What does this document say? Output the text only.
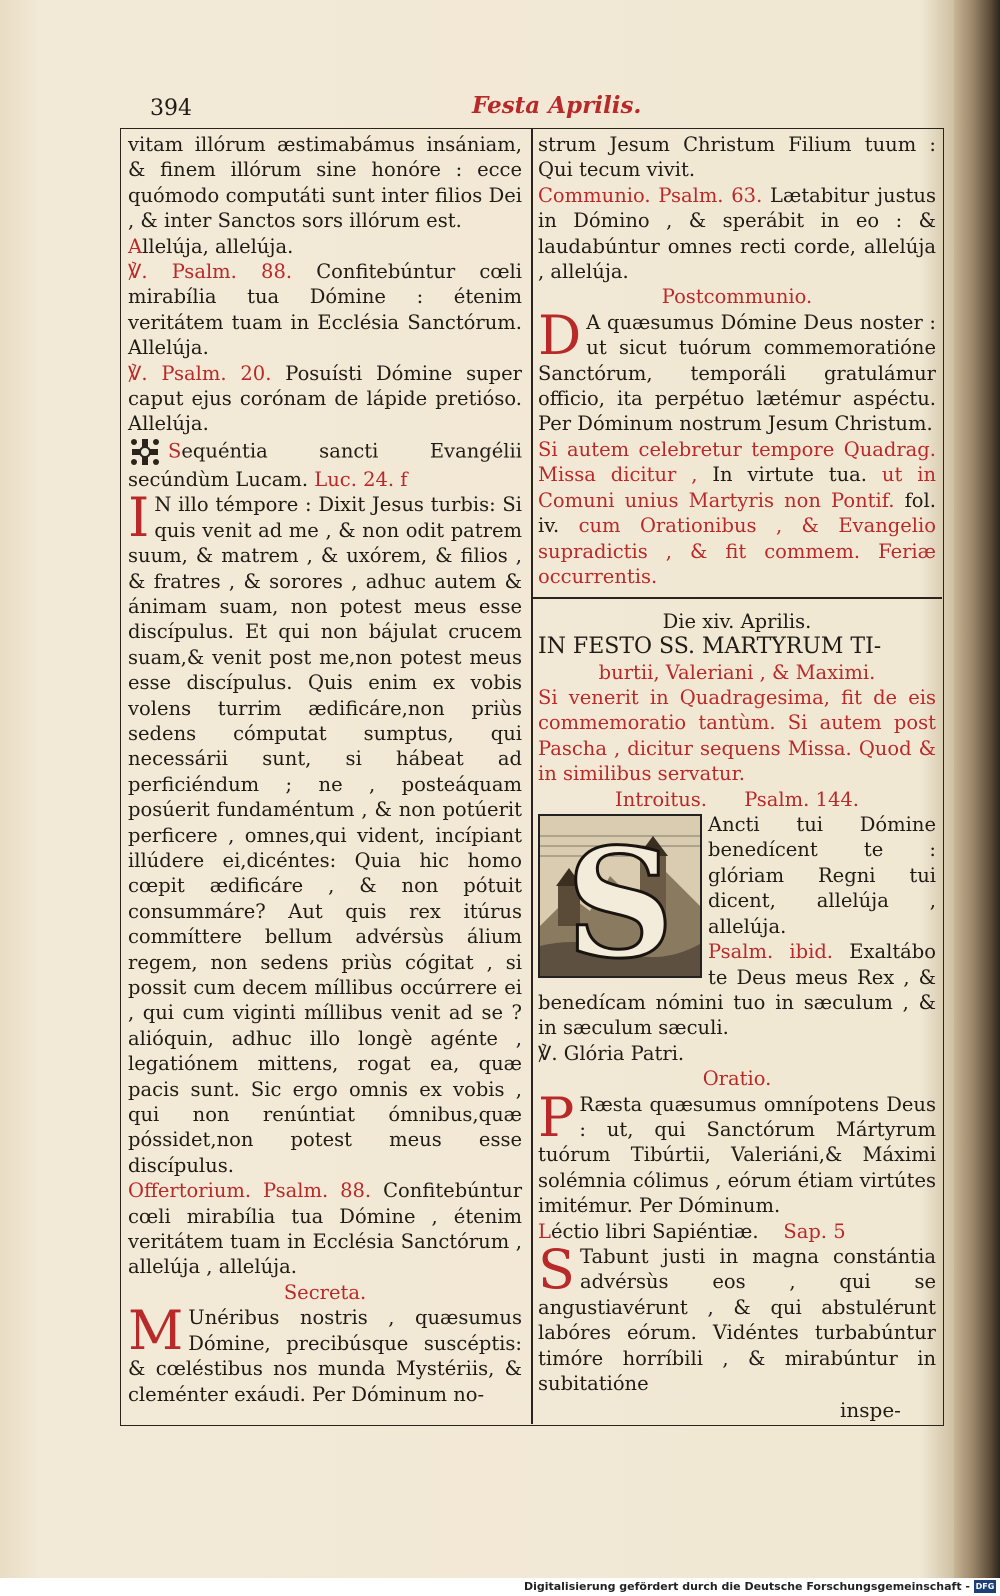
394	Festa Aprilis.

vitam illórum æstimabámus insániam, & finem illórum sine honóre : ecce quómodo computáti sunt inter filios Dei , & inter Sanctos sors illórum est.

Allelúja, allelúja.

℣. Psalm. 88. Confitebúntur cœli mirabília tua Dómine : étenim veritátem tuam in Ecclésia Sanctórum. Allelúja.

℣. Psalm. 20. Posuísti Dómine super caput ejus corónam de lápide pretióso. Allelúja.

Sequéntia sancti Evangélii secúndùm Lucam. Luc. 24. f

I N illo témpore : Dixit Jesus turbis: Si quis venit ad me , & non odit patrem suum, & matrem , & uxórem, & filios , & fratres , & sorores , adhuc autem & ánimam suam, non potest meus esse discípulus. Et qui non bájulat crucem suam,& venit post me,non potest meus esse discípulus. Quis enim ex vobis volens turrim ædificáre,non priùs sedens cómputat sumptus, qui necessárii sunt, si hábeat ad perficiéndum ; ne , posteáquam posúerit fundaméntum , & non potúerit perficere , omnes,qui vident, incípiant illúdere ei,dicéntes: Quia hic homo cœpit ædificáre , & non pótuit consummáre? Aut quis rex itúrus commíttere bellum advérsùs álium regem, non sedens priùs cógitat , si possit cum decem míllibus occúrrere ei , qui cum viginti míllibus venit ad se ? alióquin, adhuc illo longè agénte , legatiónem mittens, rogat ea, quæ pacis sunt. Sic ergo omnis ex vobis , qui non renúntiat ómnibus,quæ póssidet,non potest meus esse discípulus.

Offertorium. Psalm. 88. Confitebúntur cœli mirabília tua Dómine , étenim veritátem tuam in Ecclésia Sanctórum , allelúja , allelúja.

Secreta.

M Unéribus nostris , quæsumus Dómine, precibúsque suscéptis: & cœléstibus nos munda Mystériis, & cleménter exáudi. Per Dóminum no-

strum Jesum Christum Filium tuum : Qui tecum vivit.

Communio. Psalm. 63. Lætabitur justus in Dómino , & sperábit in eo : & laudabúntur omnes recti corde, allelúja , allelúja.

Postcommunio.

D A quæsumus Dómine Deus noster : ut sicut tuórum commemoratióne Sanctórum, temporáli gratulámur officio, ita perpétuo lætémur aspéctu. Per Dóminum nostrum Jesum Christum.

Si autem celebretur tempore Quadrag. Missa dicitur , In virtute tua. ut in Comuni unius Martyris non Pontif. fol. iv. cum Orationibus , & Evangelio supradictis , & fit commem. Feriæ occurrentis.

Die xiv. Aprilis.

IN FESTO SS. MARTYRUM TI-

burtii, Valeriani , & Maximi.

Si venerit in Quadragesima, fit de eis commemoratio tantùm. Si autem post Pascha , dicitur sequens Missa. Quod & in similibus servatur.

Introitus. Psalm. 144.

S	Ancti tui Dómine benedícent te : glóriam Regni tui dicent, allelúja , allelúja.

Psalm. ibid. Exaltábo te Deus meus Rex , & benedícam nómini tuo in sæculum , & in sæculum sæculi.

℣. Glória Patri.

Oratio.

P Ræsta quæsumus omnípotens Deus : ut, qui Sanctórum Mártyrum tuórum Tibúrtii, Valeriáni,& Máximi solémnia cólimus , eórum étiam virtútes imitémur. Per Dóminum.

Léctio libri Sapiéntiæ. Sap. 5

S Tabunt justi in magna constántia advérsùs eos , qui se angustiavérunt , & qui abstulérunt labóres eórum. Vidéntes turbabúntur timóre horríbili , & mirabúntur in subitatióne

inspe-
Digitalisierung gefördert durch die Deutsche Forschungsgemeinschaft - DFG
